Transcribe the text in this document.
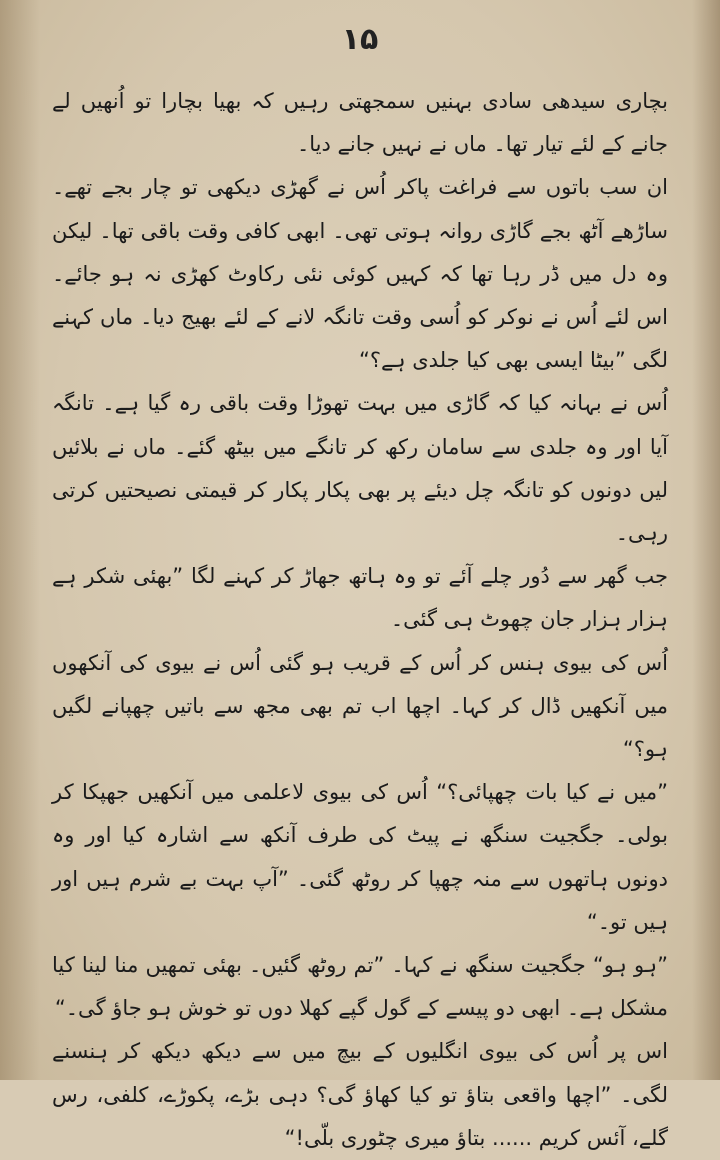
۱۵

بچاری سیدھی سادی بہنیں سمجھتی رہیں کہ بھیا بچارا تو اُنھیں لے جانے کے لئے تیار تھا۔ ماں نے نہیں جانے دیا۔

ان سب باتوں سے فراغت پاکر اُس نے گھڑی دیکھی تو چار بجے تھے۔ ساڑھے آٹھ بجے گاڑی روانہ ہوتی تھی۔ ابھی کافی وقت باقی تھا۔ لیکن وہ دل میں ڈر رہا تھا کہ کہیں کوئی نئی رکاوٹ کھڑی نہ ہو جائے۔ اس لئے اُس نے نوکر کو اُسی وقت تانگہ لانے کے لئے بھیج دیا۔ ماں کہنے لگی ”بیٹا ایسی بھی کیا جلدی ہے؟“

اُس نے بہانہ کیا کہ گاڑی میں بہت تھوڑا وقت باقی رہ گیا ہے۔ تانگہ آیا اور وہ جلدی سے سامان رکھ کر تانگے میں بیٹھ گئے۔ ماں نے بلائیں لیں دونوں کو تانگہ چل دیئے پر بھی پکار پکار کر قیمتی نصیحتیں کرتی رہی۔

جب گھر سے دُور چلے آئے تو وہ ہاتھ جھاڑ کر کہنے لگا ”بھئی شکر ہے ہزار ہزار جان چھوٹ ہی گئی۔

اُس کی بیوی ہنس کر اُس کے قریب ہو گئی اُس نے بیوی کی آنکھوں میں آنکھیں ڈال کر کہا۔ اچھا اب تم بھی مجھ سے باتیں چھپانے لگیں ہو؟“

”میں نے کیا بات چھپائی؟“ اُس کی بیوی لاعلمی میں آنکھیں جھپکا کر بولی۔ جگجیت سنگھ نے پیٹ کی طرف آنکھ سے اشارہ کیا اور وہ دونوں ہاتھوں سے منہ چھپا کر روٹھ گئی۔ ”آپ بہت بے شرم ہیں اور ہیں تو۔“

”ہو ہو“ جگجیت سنگھ نے کہا۔ ”تم روٹھ گئیں۔ بھئی تمھیں منا لینا کیا مشکل ہے۔ ابھی دو پیسے کے گول گپے کھلا دوں تو خوش ہو جاؤ گی۔“

اس پر اُس کی بیوی انگلیوں کے بیچ میں سے دیکھ دیکھ کر ہنسنے لگی۔ ”اچھا واقعی بتاؤ تو کیا کھاؤ گی؟ دہی بڑے، پکوڑے، کلفی، رس گلے، آئس کریم ...... بتاؤ میری چٹوری بلّی!“
